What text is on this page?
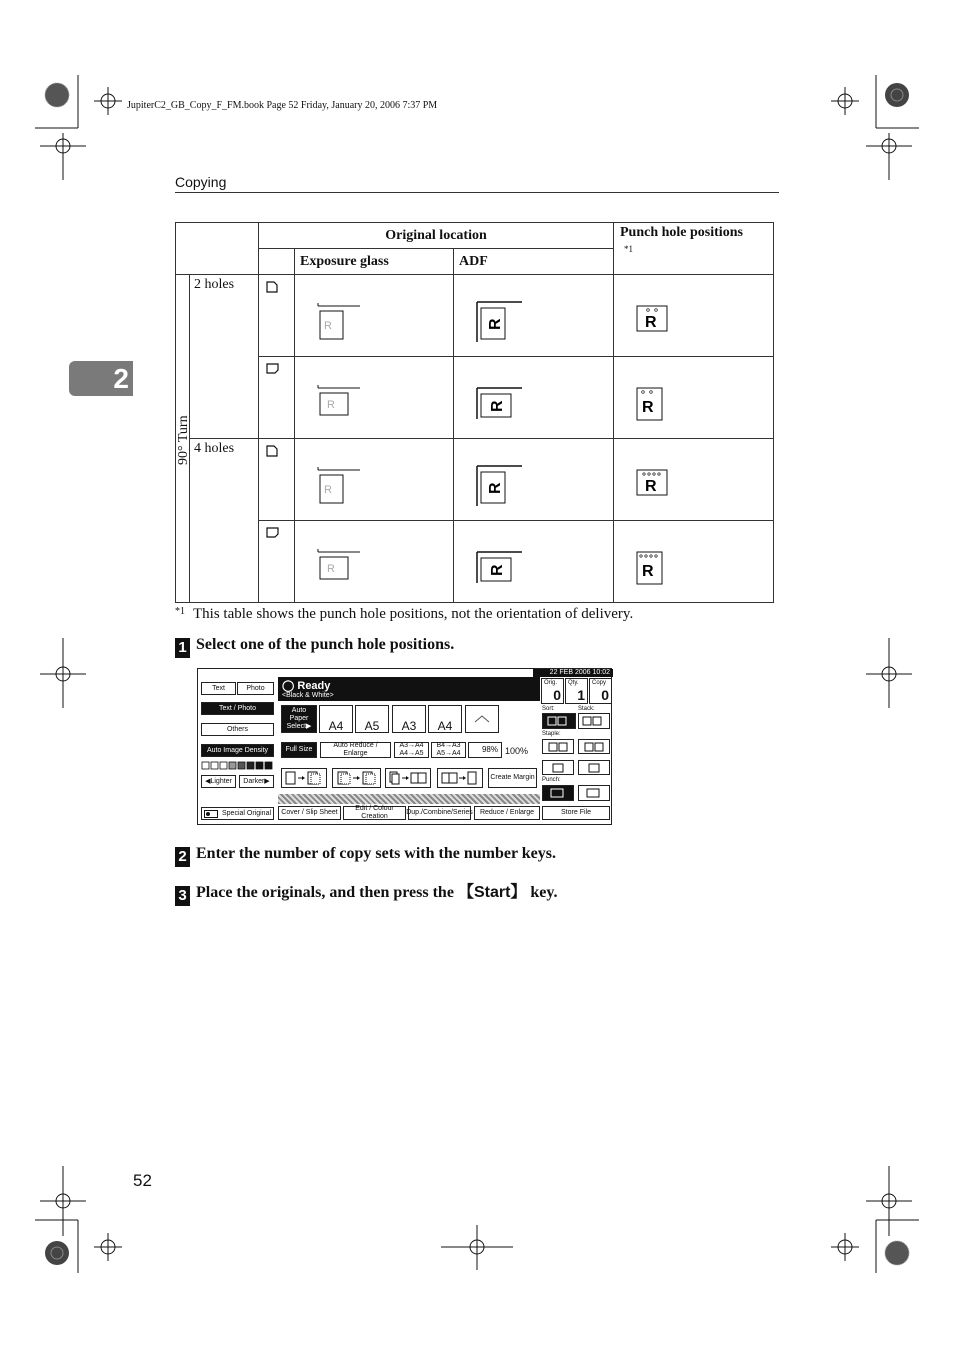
JupiterC2_GB_Copy_F_FM.book Page 52 Friday, January 20, 2006 7:37 PM
Copying
2
		Original location			Punch hole positions
*1
			Exposure glass	ADF	

90° Turn	2 holes		R	R	R

R	R	R

	4 holes		R	R	R

R	R	R
$^{*1}$ This table shows the punch hole positions, not the orientation of delivery.
1 Select one of the punch hole positions.
22 FEB 2006 10:02
Text	Photo
Text / Photo
Others
Auto Image Density
◀Lighter	Darker▶
Special Original
◯ Ready
<Black & White>
Auto Paper Select▶	A4	A5	A3	A4
Full Size
Auto Reduce / Enlarge
A3→A4 A4→A5
B4→A3 A5→A4	98% 100%
Create Margin
Cover / Slip Sheet
Edit / Colour Creation
Dup./Combine/Series	Reduce / Enlarge	Store File
Orig.
0
Qty.
1
Copy
0
Sort:	Stack:
Staple:
Punch:
2 Enter the number of copy sets with the number keys.
3 Place the originals, and then press the 【Start】 key.
52
